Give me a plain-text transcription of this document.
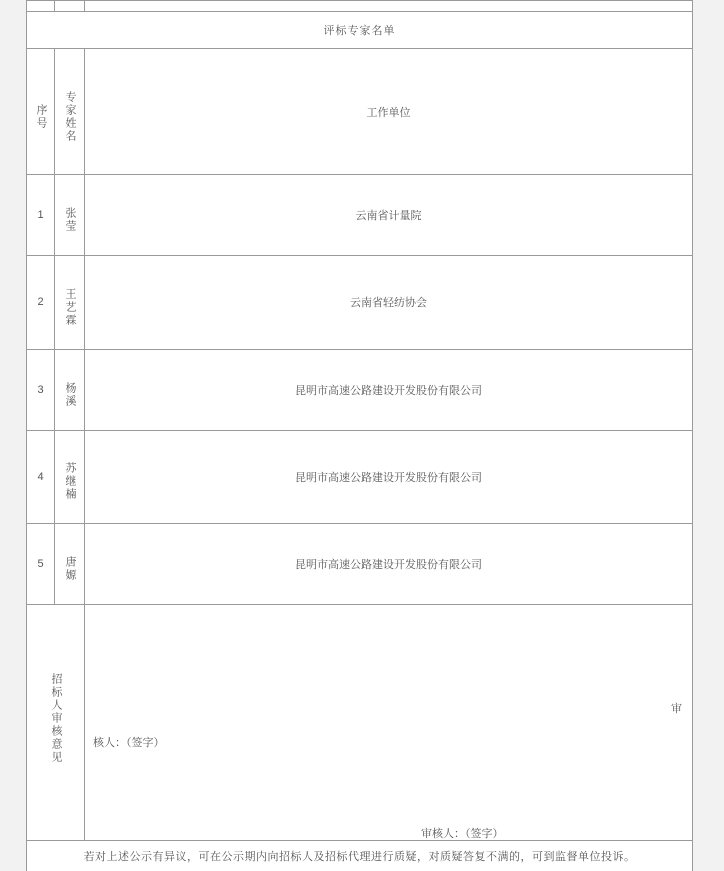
评标专家名单		

序号	专家姓名	工作单位
1	张莹	云南省计量院
2	王艺霖	云南省轻纺协会
3	杨溪	昆明市高速公路建设开发股份有限公司
4	苏继楠	昆明市高速公路建设开发股份有限公司
5	唐嫄	昆明市高速公路建设开发股份有限公司
招标人审核意见		核人：（签字）
审
审核人：（签字）

若对上述公示有异议，可在公示期内向招标人及招标代理进行质疑，对质疑答复不满的，可到监督单位投诉。		
